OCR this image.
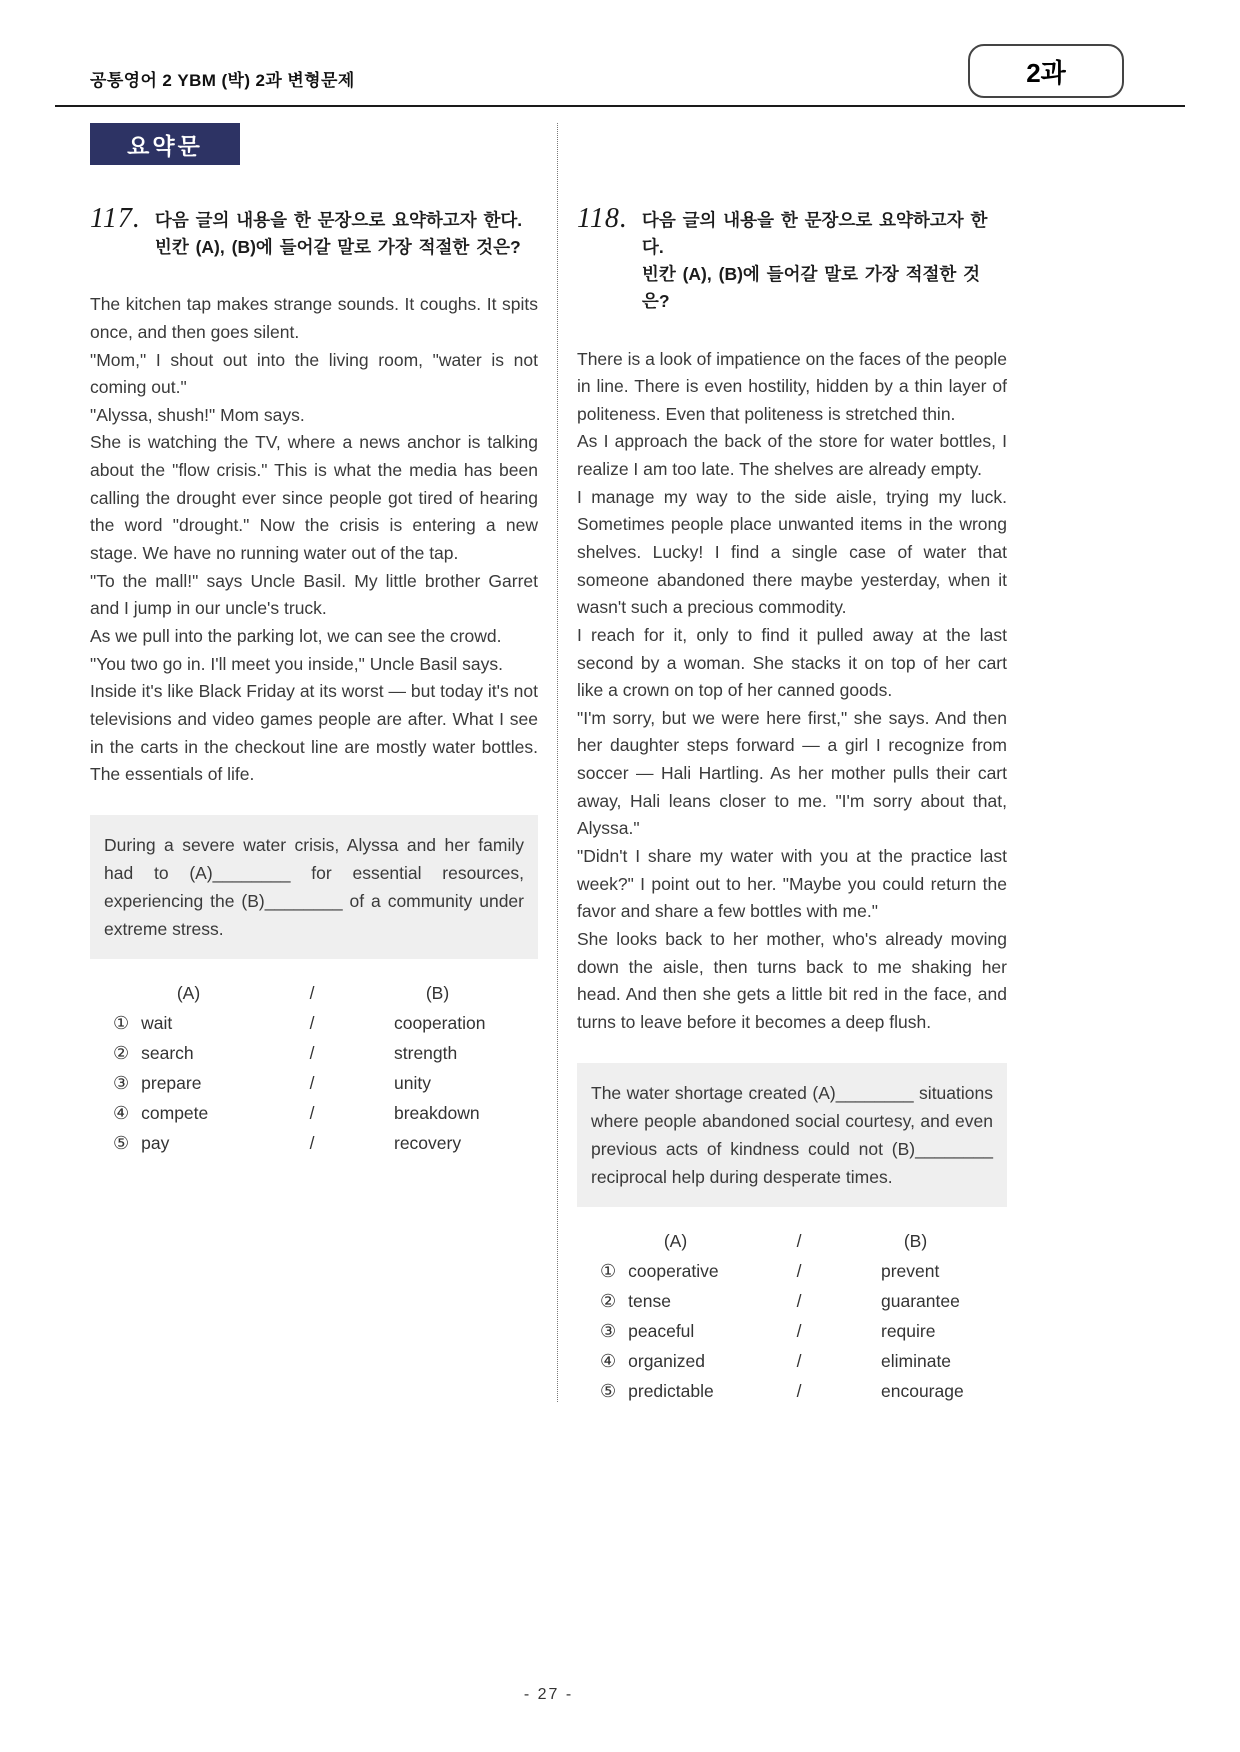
공통영어 2 YBM (박) 2과 변형문제	2과
요약문
117. 다음 글의 내용을 한 문장으로 요약하고자 한다.
빈칸 (A), (B)에 들어갈 말로 가장 적절한 것은?

The kitchen tap makes strange sounds. It coughs. It spits once, and then goes silent.

"Mom," I shout out into the living room, "water is not coming out."

"Alyssa, shush!" Mom says.

She is watching the TV, where a news anchor is talking about the "flow crisis." This is what the media has been calling the drought ever since people got tired of hearing the word "drought." Now the crisis is entering a new stage. We have no running water out of the tap.

"To the mall!" says Uncle Basil. My little brother Garret and I jump in our uncle's truck.

As we pull into the parking lot, we can see the crowd.

"You two go in. I'll meet you inside," Uncle Basil says.

Inside it's like Black Friday at its worst — but today it's not televisions and video games people are after. What I see in the carts in the checkout line are mostly water bottles. The essentials of life.

During a severe water crisis, Alyssa and her family had to (A)________ for essential resources, experiencing the (B)________ of a community under extreme stress.
(A)	/	(B)
① wait	/	cooperation
② search	/	strength
③ prepare	/	unity
④ compete	/	breakdown
⑤ pay	/	recovery
118. 다음 글의 내용을 한 문장으로 요약하고자 한다.
빈칸 (A), (B)에 들어갈 말로 가장 적절한 것은?

There is a look of impatience on the faces of the people in line. There is even hostility, hidden by a thin layer of politeness. Even that politeness is stretched thin.

As I approach the back of the store for water bottles, I realize I am too late. The shelves are already empty.

I manage my way to the side aisle, trying my luck. Sometimes people place unwanted items in the wrong shelves. Lucky! I find a single case of water that someone abandoned there maybe yesterday, when it wasn't such a precious commodity.

I reach for it, only to find it pulled away at the last second by a woman. She stacks it on top of her cart like a crown on top of her canned goods.

"I'm sorry, but we were here first," she says. And then her daughter steps forward — a girl I recognize from soccer — Hali Hartling. As her mother pulls their cart away, Hali leans closer to me. "I'm sorry about that, Alyssa."

"Didn't I share my water with you at the practice last week?" I point out to her. "Maybe you could return the favor and share a few bottles with me."

She looks back to her mother, who's already moving down the aisle, then turns back to me shaking her head. And then she gets a little bit red in the face, and turns to leave before it becomes a deep flush.

The water shortage created (A)________ situations where people abandoned social courtesy, and even previous acts of kindness could not (B)________ reciprocal help during desperate times.
(A)	/	(B)
① cooperative	/	prevent
② tense	/	guarantee
③ peaceful	/	require
④ organized	/	eliminate
⑤ predictable	/	encourage
- 27 -
